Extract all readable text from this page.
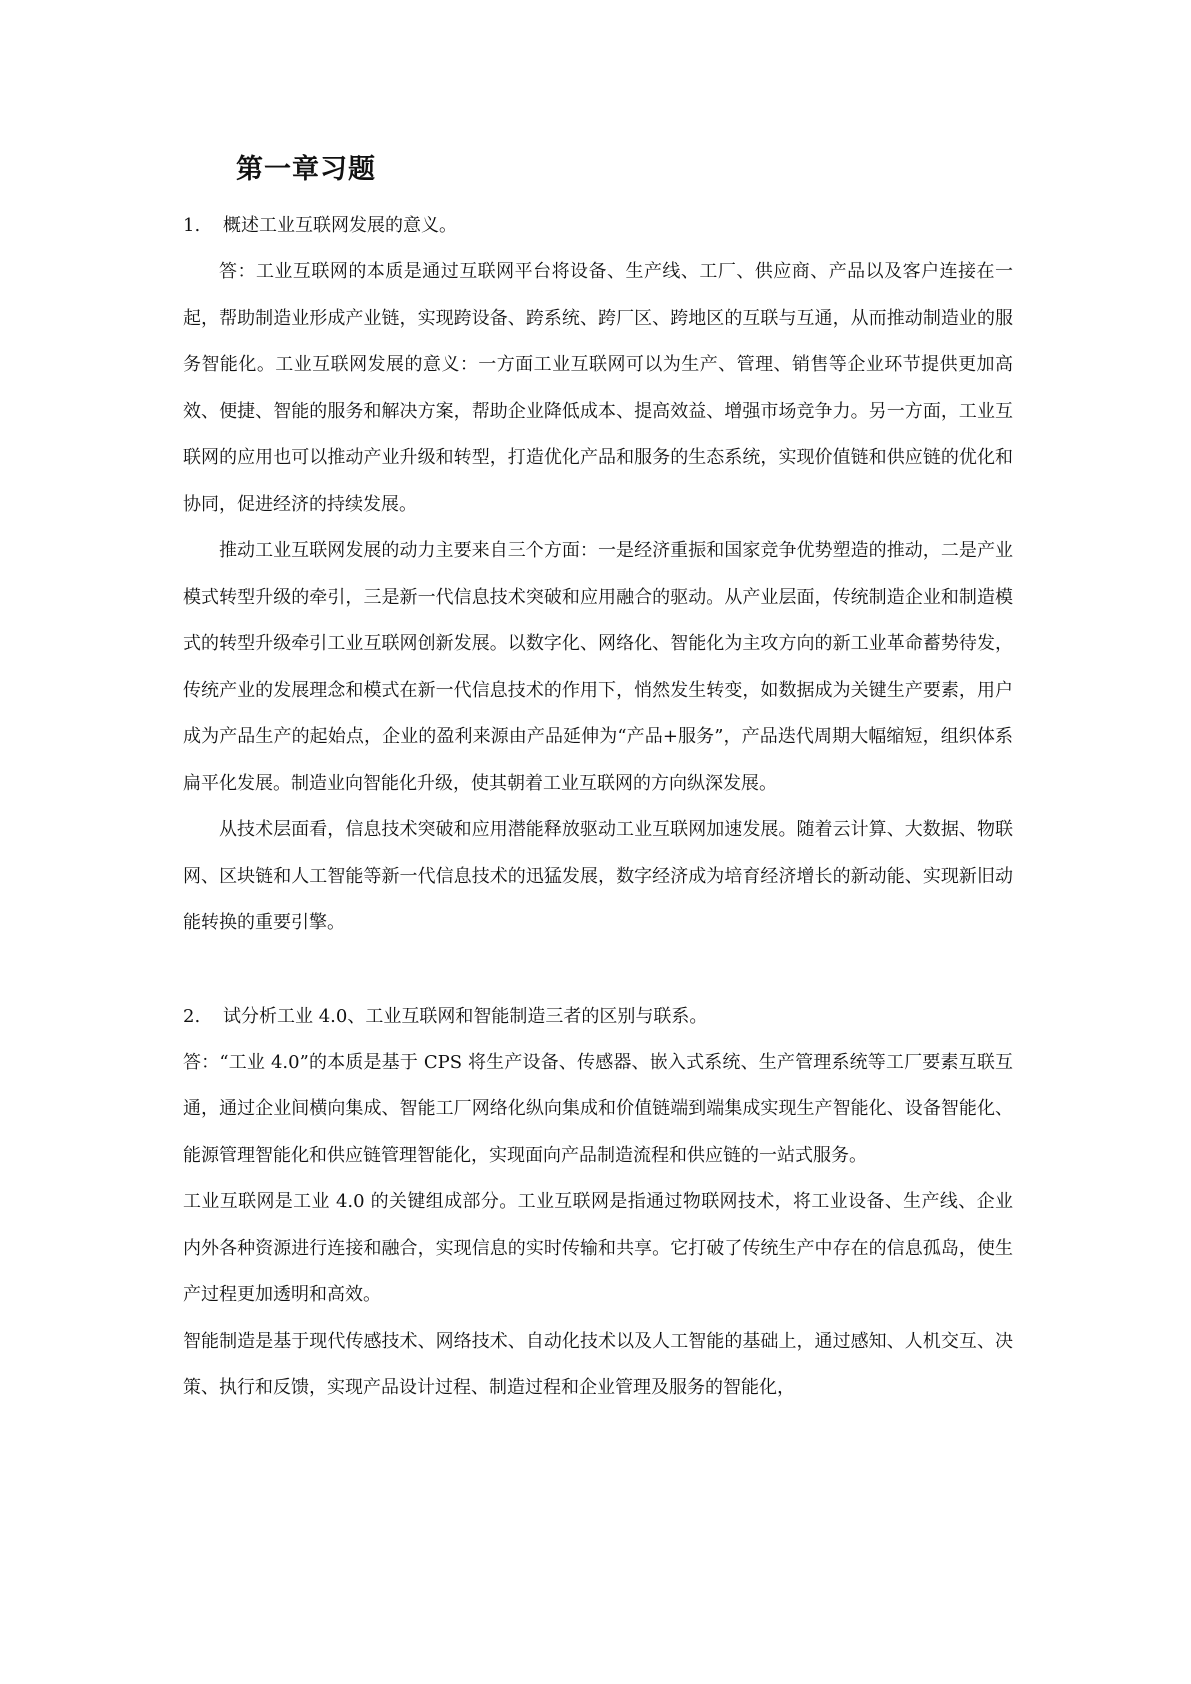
第一章习题

1. 概述工业互联网发展的意义。

答：工业互联网的本质是通过互联网平台将设备、生产线、工厂、供应商、产品以及客户连接在一起，帮助制造业形成产业链，实现跨设备、跨系统、跨厂区、跨地区的互联与互通，从而推动制造业的服务智能化。工业互联网发展的意义：一方面工业互联网可以为生产、管理、销售等企业环节提供更加高效、便捷、智能的服务和解决方案，帮助企业降低成本、提高效益、增强市场竞争力。另一方面，工业互联网的应用也可以推动产业升级和转型，打造优化产品和服务的生态系统，实现价值链和供应链的优化和协同，促进经济的持续发展。

推动工业互联网发展的动力主要来自三个方面：一是经济重振和国家竞争优势塑造的推动，二是产业模式转型升级的牵引，三是新一代信息技术突破和应用融合的驱动。从产业层面，传统制造企业和制造模式的转型升级牵引工业互联网创新发展。以数字化、网络化、智能化为主攻方向的新工业革命蓄势待发，传统产业的发展理念和模式在新一代信息技术的作用下，悄然发生转变，如数据成为关键生产要素，用户成为产品生产的起始点，企业的盈利来源由产品延伸为“产品+服务”，产品迭代周期大幅缩短，组织体系扁平化发展。制造业向智能化升级，使其朝着工业互联网的方向纵深发展。

从技术层面看，信息技术突破和应用潜能释放驱动工业互联网加速发展。随着云计算、大数据、物联网、区块链和人工智能等新一代信息技术的迅猛发展，数字经济成为培育经济增长的新动能、实现新旧动能转换的重要引擎。

2. 试分析工业 4.0、工业互联网和智能制造三者的区别与联系。

答：“工业 4.0”的本质是基于 CPS 将生产设备、传感器、嵌入式系统、生产管理系统等工厂要素互联互通，通过企业间横向集成、智能工厂网络化纵向集成和价值链端到端集成实现生产智能化、设备智能化、能源管理智能化和供应链管理智能化，实现面向产品制造流程和供应链的一站式服务。

工业互联网是工业 4.0 的关键组成部分。工业互联网是指通过物联网技术，将工业设备、生产线、企业内外各种资源进行连接和融合，实现信息的实时传输和共享。它打破了传统生产中存在的信息孤岛，使生产过程更加透明和高效。

智能制造是基于现代传感技术、网络技术、自动化技术以及人工智能的基础上，通过感知、人机交互、决策、执行和反馈，实现产品设计过程、制造过程和企业管理及服务的智能化，
